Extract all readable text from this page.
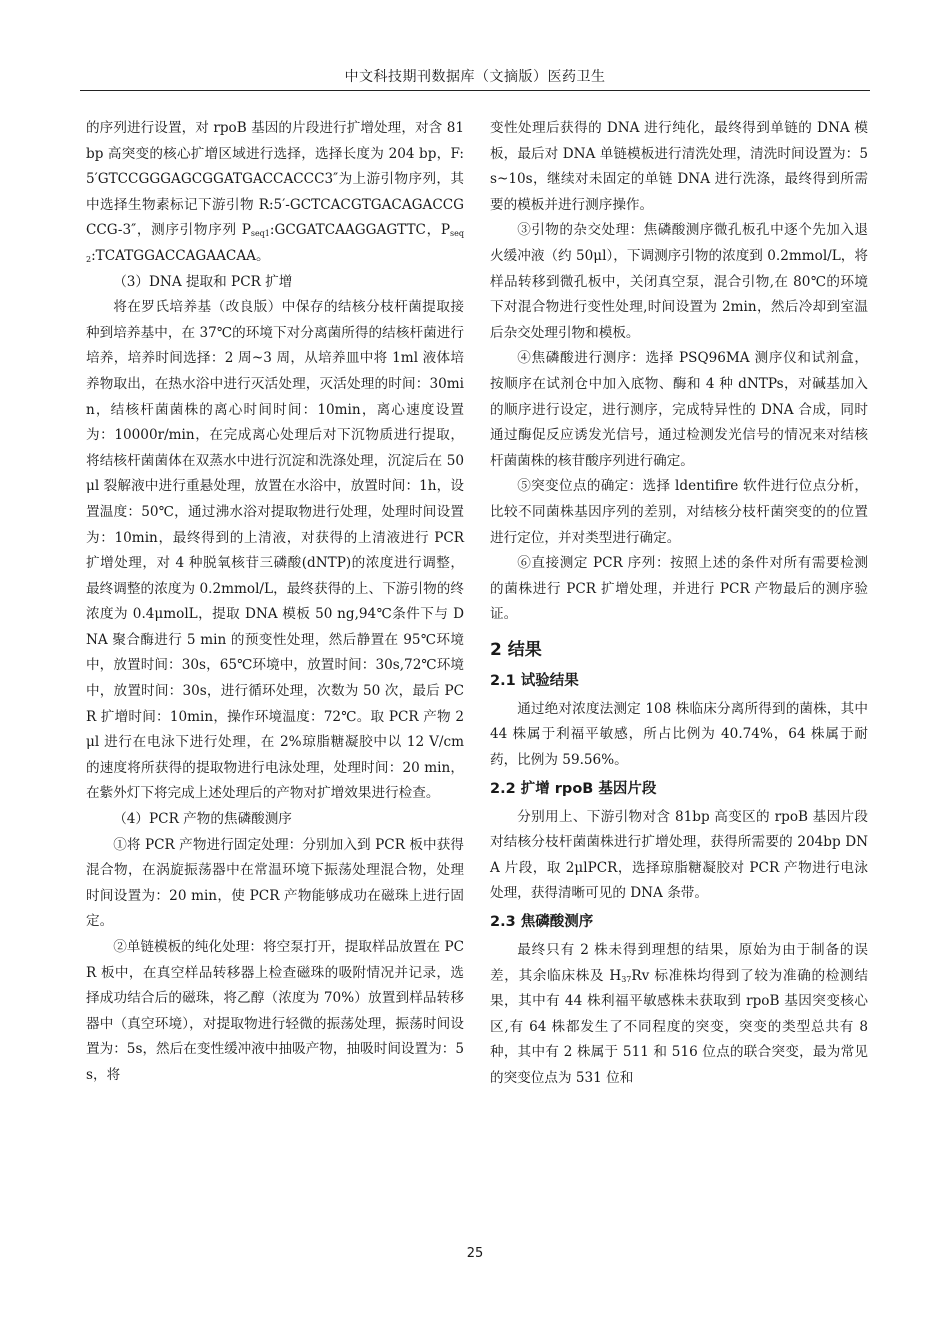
中文科技期刊数据库（文摘版）医药卫生

的序列进行设置，对 rpoB 基因的片段进行扩增处理，对含 81 bp 高突变的核心扩增区域进行选择，选择长度为 204 bp，F:5′GTCCGGGAGCGGATGACCACCC3″为上游引物序列，其中选择生物素标记下游引物 R:5′-GCTCACGTGACAGACCGCCG-3″，测序引物序列 $P_{seq1}:GCGATCAAGGAGTTC$，$P_{seq2}:TCATGGACCAGAACAA$。

（3）DNA 提取和 PCR 扩增

将在罗氏培养基（改良版）中保存的结核分枝杆菌提取接种到培养基中，在 37℃的环境下对分离菌所得的结核杆菌进行培养，培养时间选择：2 周~3 周，从培养皿中将 1ml 液体培养物取出，在热水浴中进行灭活处理，灭活处理的时间：30min，结核杆菌菌株的离心时间时间：10min，离心速度设置为：10000r/min，在完成离心处理后对下沉物质进行提取，将结核杆菌菌体在双蒸水中进行沉淀和洗涤处理，沉淀后在 50μl 裂解液中进行重悬处理，放置在水浴中，放置时间：1h，设置温度：50℃，通过沸水浴对提取物进行处理，处理时间设置为：10min，最终得到的上清液，对获得的上清液进行 PCR 扩增处理，对 4 种脱氧核苷三磷酸(dNTP)的浓度进行调整，最终调整的浓度为 0.2mmol/L，最终获得的上、下游引物的终浓度为 0.4μmolL，提取 DNA 模板 50 ng,94℃条件下与 DNA 聚合酶进行 5 min 的预变性处理，然后静置在 95℃环境中，放置时间：30s，65℃环境中，放置时间：30s,72℃环境中，放置时间：30s，进行循环处理，次数为 50 次，最后 PCR 扩增时间：10min，操作环境温度：72℃。取 PCR 产物 2μl 进行在电泳下进行处理，在 2%琼脂糖凝胶中以 12 V/cm 的速度将所获得的提取物进行电泳处理，处理时间：20 min，在紫外灯下将完成上述处理后的产物对扩增效果进行检查。

（4）PCR 产物的焦磷酸测序

①将 PCR 产物进行固定处理：分别加入到 PCR 板中获得混合物，在涡旋振荡器中在常温环境下振荡处理混合物，处理时间设置为：20 min，使 PCR 产物能够成功在磁珠上进行固定。

②单链模板的纯化处理：将空泵打开，提取样品放置在 PCR 板中，在真空样品转移器上检查磁珠的吸附情况并记录，选择成功结合后的磁珠，将乙醇（浓度为 70%）放置到样品转移器中（真空环境），对提取物进行轻微的振荡处理，振荡时间设置为：5s，然后在变性缓冲液中抽吸产物，抽吸时间设置为：5s，将

变性处理后获得的 DNA 进行纯化，最终得到单链的 DNA 模板，最后对 DNA 单链模板进行清洗处理，清洗时间设置为：5s~10s，继续对未固定的单链 DNA 进行洗涤，最终得到所需要的模板并进行测序操作。

③引物的杂交处理：焦磷酸测序微孔板孔中逐个先加入退火缓冲液（约 50μl），下调测序引物的浓度到 0.2mmol/L，将样品转移到微孔板中，关闭真空泵，混合引物,在 80℃的环境下对混合物进行变性处理,时间设置为 2min，然后冷却到室温后杂交处理引物和模板。

④焦磷酸进行测序：选择 PSQ96MA 测序仪和试剂盒，按顺序在试剂仓中加入底物、酶和 4 种 dNTPs，对碱基加入的顺序进行设定，进行测序，完成特异性的 DNA 合成，同时通过酶促反应诱发光信号，通过检测发光信号的情况来对结核杆菌菌株的核苷酸序列进行确定。

⑤突变位点的确定：选择 ldentifire 软件进行位点分析，比较不同菌株基因序列的差别，对结核分枝杆菌突变的的位置进行定位，并对类型进行确定。

⑥直接测定 PCR 序列：按照上述的条件对所有需要检测的菌株进行 PCR 扩增处理，并进行 PCR 产物最后的测序验证。

2 结果
2.1 试验结果

通过绝对浓度法测定 108 株临床分离所得到的菌株，其中 44 株属于利福平敏感，所占比例为 40.74%，64 株属于耐药，比例为 59.56%。

2.2 扩增 rpoB 基因片段

分别用上、下游引物对含 81bp 高变区的 rpoB 基因片段对结核分枝杆菌菌株进行扩增处理，获得所需要的 204bp DNA 片段，取 2μlPCR，选择琼脂糖凝胶对 PCR 产物进行电泳处理，获得清晰可见的 DNA 条带。

2.3 焦磷酸测序

最终只有 2 株未得到理想的结果，原始为由于制备的误差，其余临床株及 $H_{37}Rv$ 标准株均得到了较为准确的检测结果，其中有 44 株利福平敏感株未获取到 rpoB 基因突变核心区,有 64 株都发生了不同程度的突变，突变的类型总共有 8 种，其中有 2 株属于 511 和 516 位点的联合突变，最为常见的突变位点为 531 位和

25
